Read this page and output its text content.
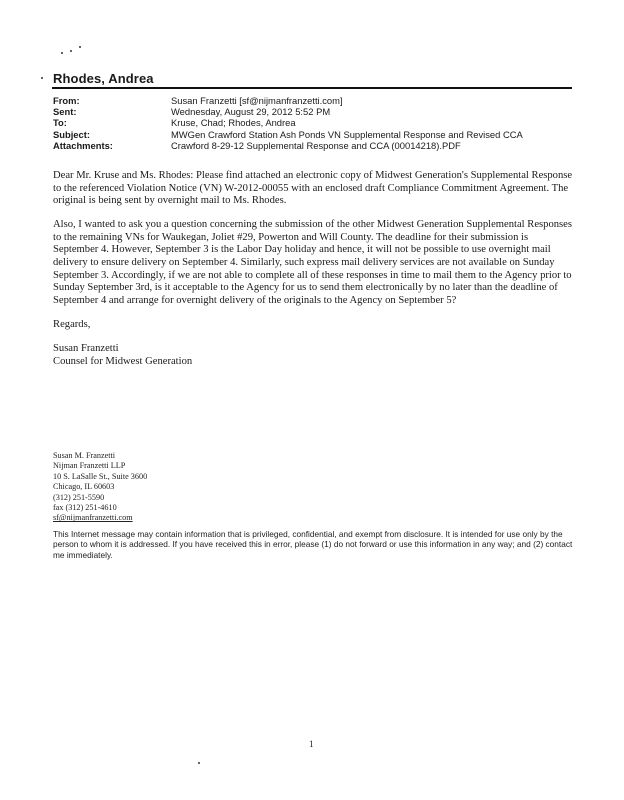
Rhodes, Andrea
From:	Susan Franzetti [sf@nijmanfranzetti.com]
Sent:	Wednesday, August 29, 2012 5:52 PM
To:	Kruse, Chad; Rhodes, Andrea
Subject:	MWGen Crawford Station Ash Ponds VN Supplemental Response and Revised CCA
Attachments:	Crawford 8-29-12 Supplemental Response and CCA (00014218).PDF

Dear Mr. Kruse and Ms. Rhodes: Please find attached an electronic copy of Midwest Generation's Supplemental Response to the referenced Violation Notice (VN) W-2012-00055 with an enclosed draft Compliance Commitment Agreement. The original is being sent by overnight mail to Ms. Rhodes.

Also, I wanted to ask you a question concerning the submission of the other Midwest Generation Supplemental Responses to the remaining VNs for Waukegan, Joliet #29, Powerton and Will County. The deadline for their submission is September 4. However, September 3 is the Labor Day holiday and hence, it will not be possible to use overnight mail delivery to ensure delivery on September 4. Similarly, such express mail delivery services are not available on Sunday September 3. Accordingly, if we are not able to complete all of these responses in time to mail them to the Agency prior to Sunday September 3rd, is it acceptable to the Agency for us to send them electronically by no later than the deadline of September 4 and arrange for overnight delivery of the originals to the Agency on September 5?

Regards,

Susan Franzetti
Counsel for Midwest Generation
Susan M. Franzetti
Nijman Franzetti LLP
10 S. LaSalle St., Suite 3600
Chicago, IL 60603
(312) 251-5590
fax (312) 251-4610
sf@nijmanfranzetti.com
This Internet message may contain information that is privileged, confidential, and exempt from disclosure. It is intended for use only by the person to whom it is addressed. If you have received this in error, please (1) do not forward or use this information in any way; and (2) contact me immediately.
1
